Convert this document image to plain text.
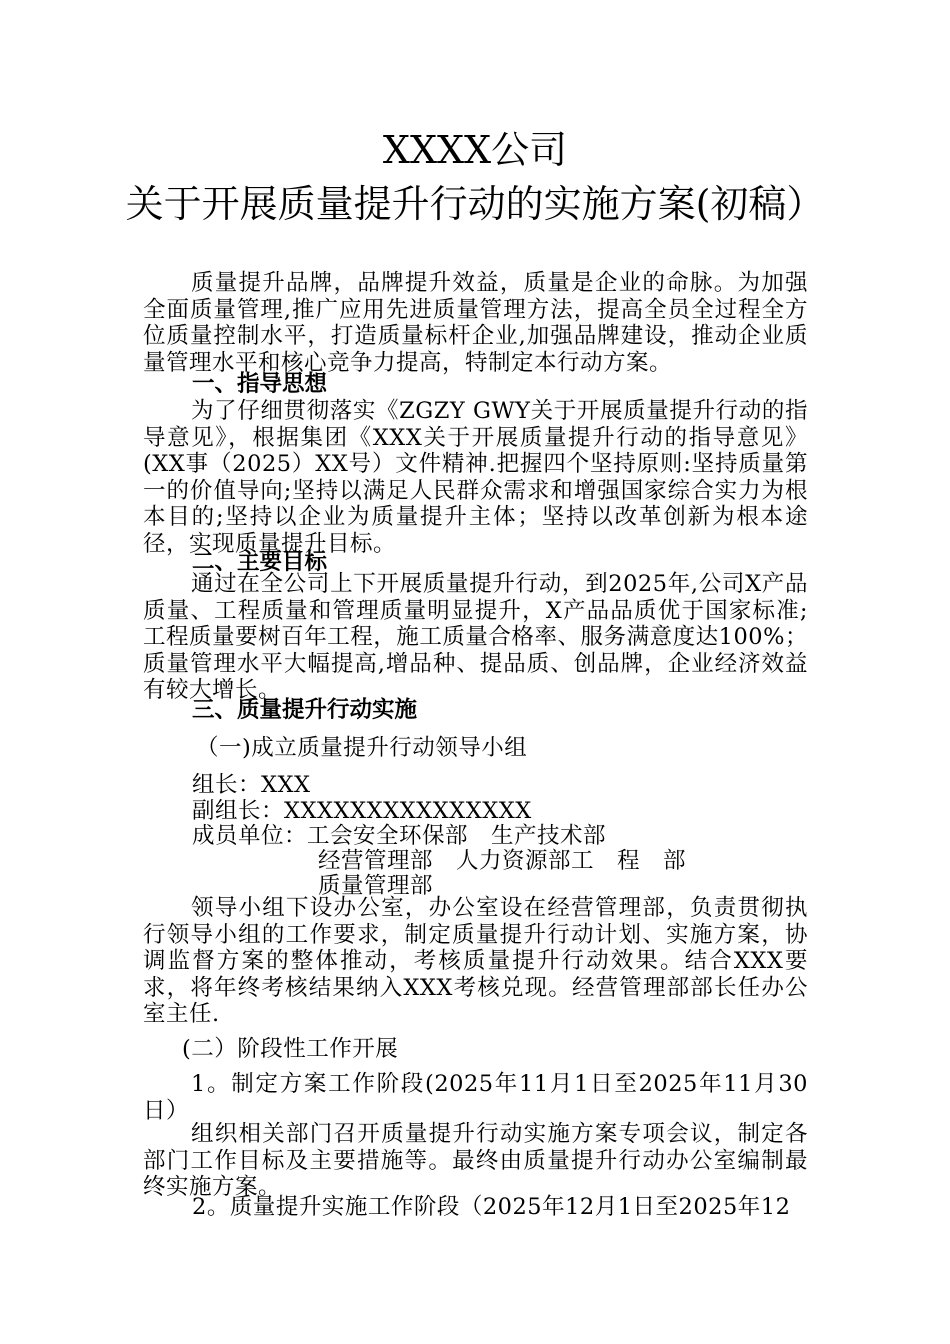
XXXX公司
关于开展质量提升行动的实施方案(初稿）

质量提升品牌，品牌提升效益，质量是企业的命脉。为加强全面质量管理,推广应用先进质量管理方法，提高全员全过程全方位质量控制水平，打造质量标杆企业,加强品牌建设，推动企业质量管理水平和核心竞争力提高，特制定本行动方案。

一、指导思想

为了仔细贯彻落实《ZGZY GWY关于开展质量提升行动的指导意见》，根据集团《XXX关于开展质量提升行动的指导意见》(XX事（2025）XX号）文件精神.把握四个坚持原则:坚持质量第一的价值导向;坚持以满足人民群众需求和增强国家综合实力为根本目的;坚持以企业为质量提升主体；坚持以改革创新为根本途径，实现质量提升目标。

二、主要目标

通过在全公司上下开展质量提升行动，到2025年,公司X产品质量、工程质量和管理质量明显提升，X产品品质优于国家标准;工程质量要树百年工程，施工质量合格率、服务满意度达100%；质量管理水平大幅提高,增品种、提品质、创品牌，企业经济效益有较大增长。

三、质量提升行动实施

（一)成立质量提升行动领导小组

组长：XXX

副组长：XXXXXXXXXXXXXXX

成员单位：工会安全环保部　生产技术部

经营管理部　人力资源部工　程　部

质量管理部

领导小组下设办公室，办公室设在经营管理部，负责贯彻执行领导小组的工作要求，制定质量提升行动计划、实施方案，协调监督方案的整体推动，考核质量提升行动效果。结合XXX要求，将年终考核结果纳入XXX考核兑现。经营管理部部长任办公室主任.

(二）阶段性工作开展

1。制定方案工作阶段(2025年11月1日至2025年11月30日）

组织相关部门召开质量提升行动实施方案专项会议，制定各部门工作目标及主要措施等。最终由质量提升行动办公室编制最终实施方案。

2。质量提升实施工作阶段（2025年12月1日至2025年12
